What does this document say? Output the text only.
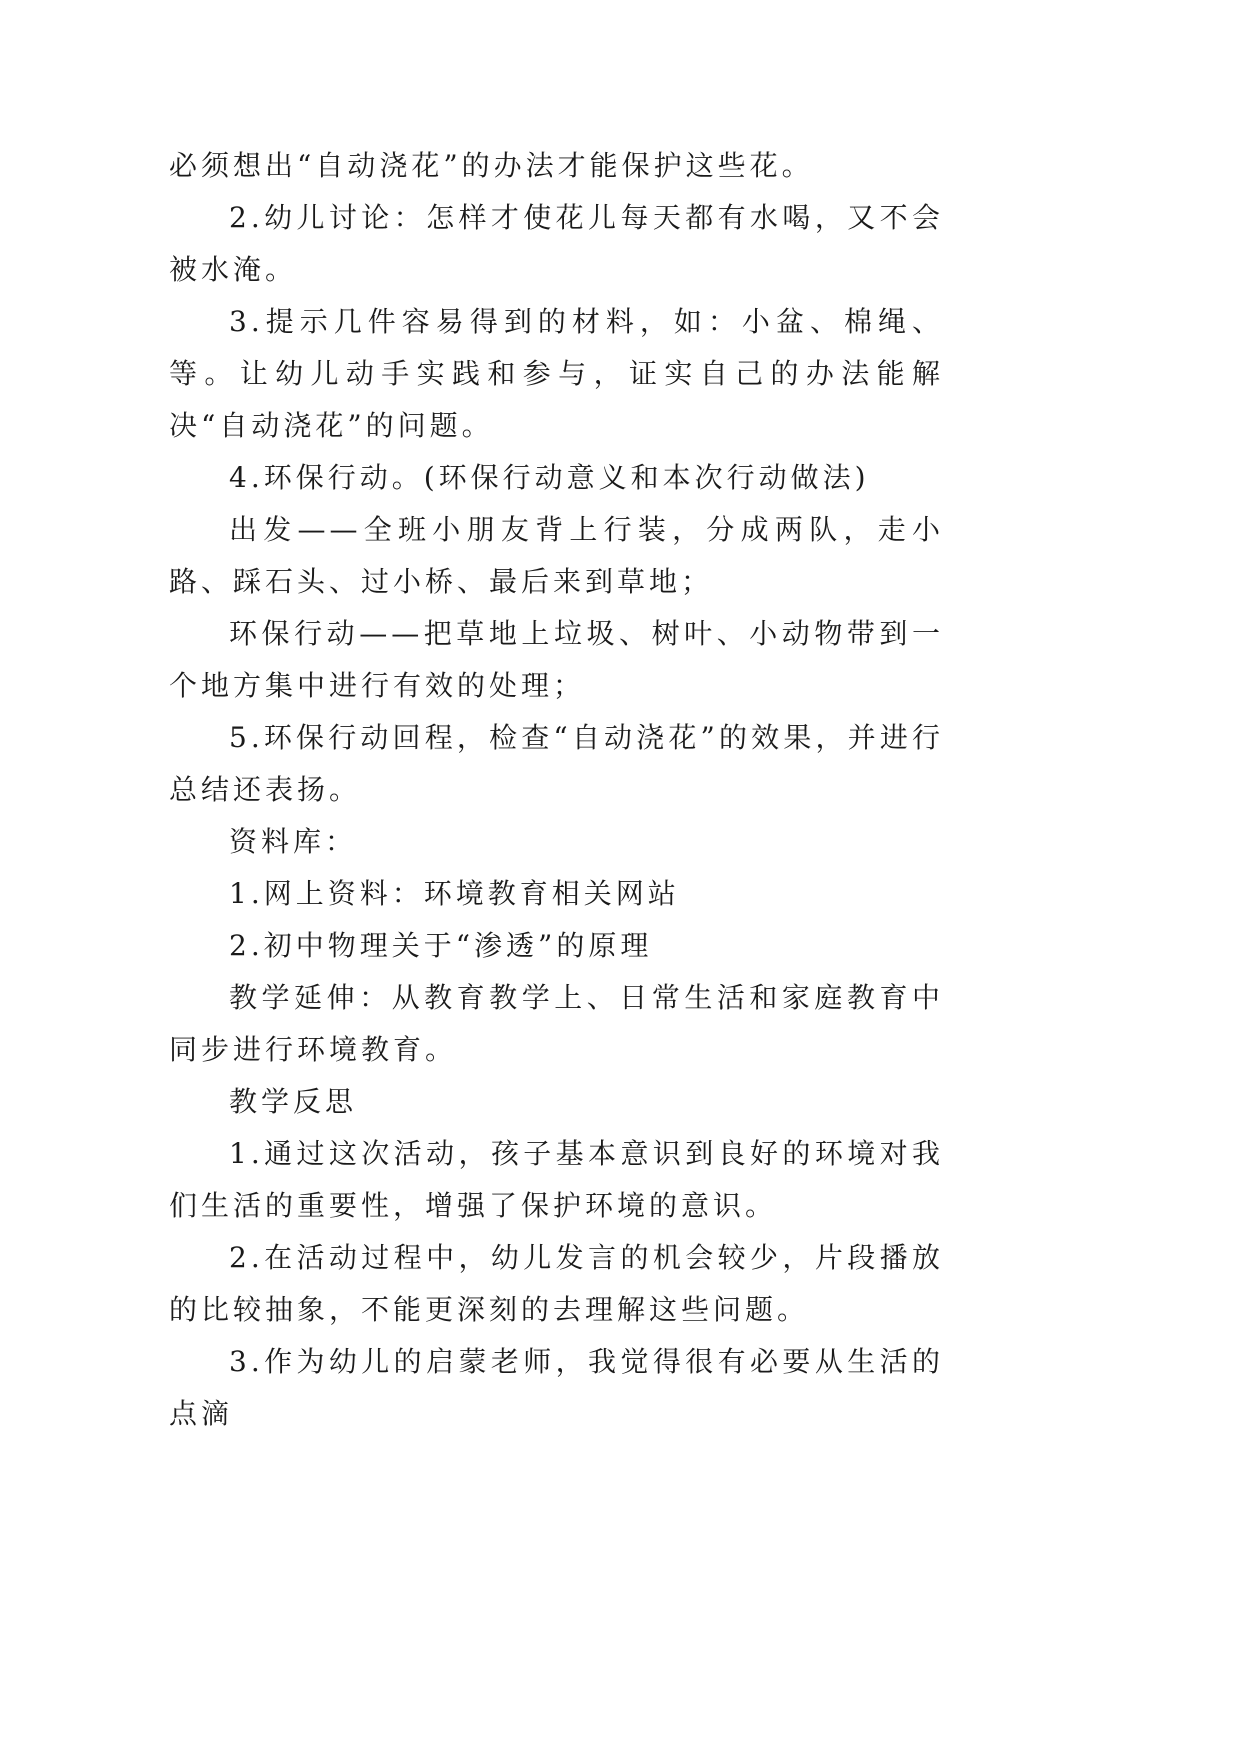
必须想出“自动浇花”的办法才能保护这些花。

2.幼儿讨论：怎样才使花儿每天都有水喝，又不会被水淹。

3.提示几件容易得到的材料，如：小盆、棉绳、等。让幼儿动手实践和参与，证实自己的办法能解决“自动浇花”的问题。

4.环保行动。(环保行动意义和本次行动做法)

出发——全班小朋友背上行装，分成两队，走小路、踩石头、过小桥、最后来到草地；

环保行动——把草地上垃圾、树叶、小动物带到一个地方集中进行有效的处理；

5.环保行动回程，检查“自动浇花”的效果，并进行总结还表扬。

资料库：

1.网上资料：环境教育相关网站

2.初中物理关于“渗透”的原理

教学延伸：从教育教学上、日常生活和家庭教育中同步进行环境教育。

教学反思

1.通过这次活动，孩子基本意识到良好的环境对我们生活的重要性，增强了保护环境的意识。

2.在活动过程中，幼儿发言的机会较少，片段播放的比较抽象，不能更深刻的去理解这些问题。

3.作为幼儿的启蒙老师，我觉得很有必要从生活的点滴
